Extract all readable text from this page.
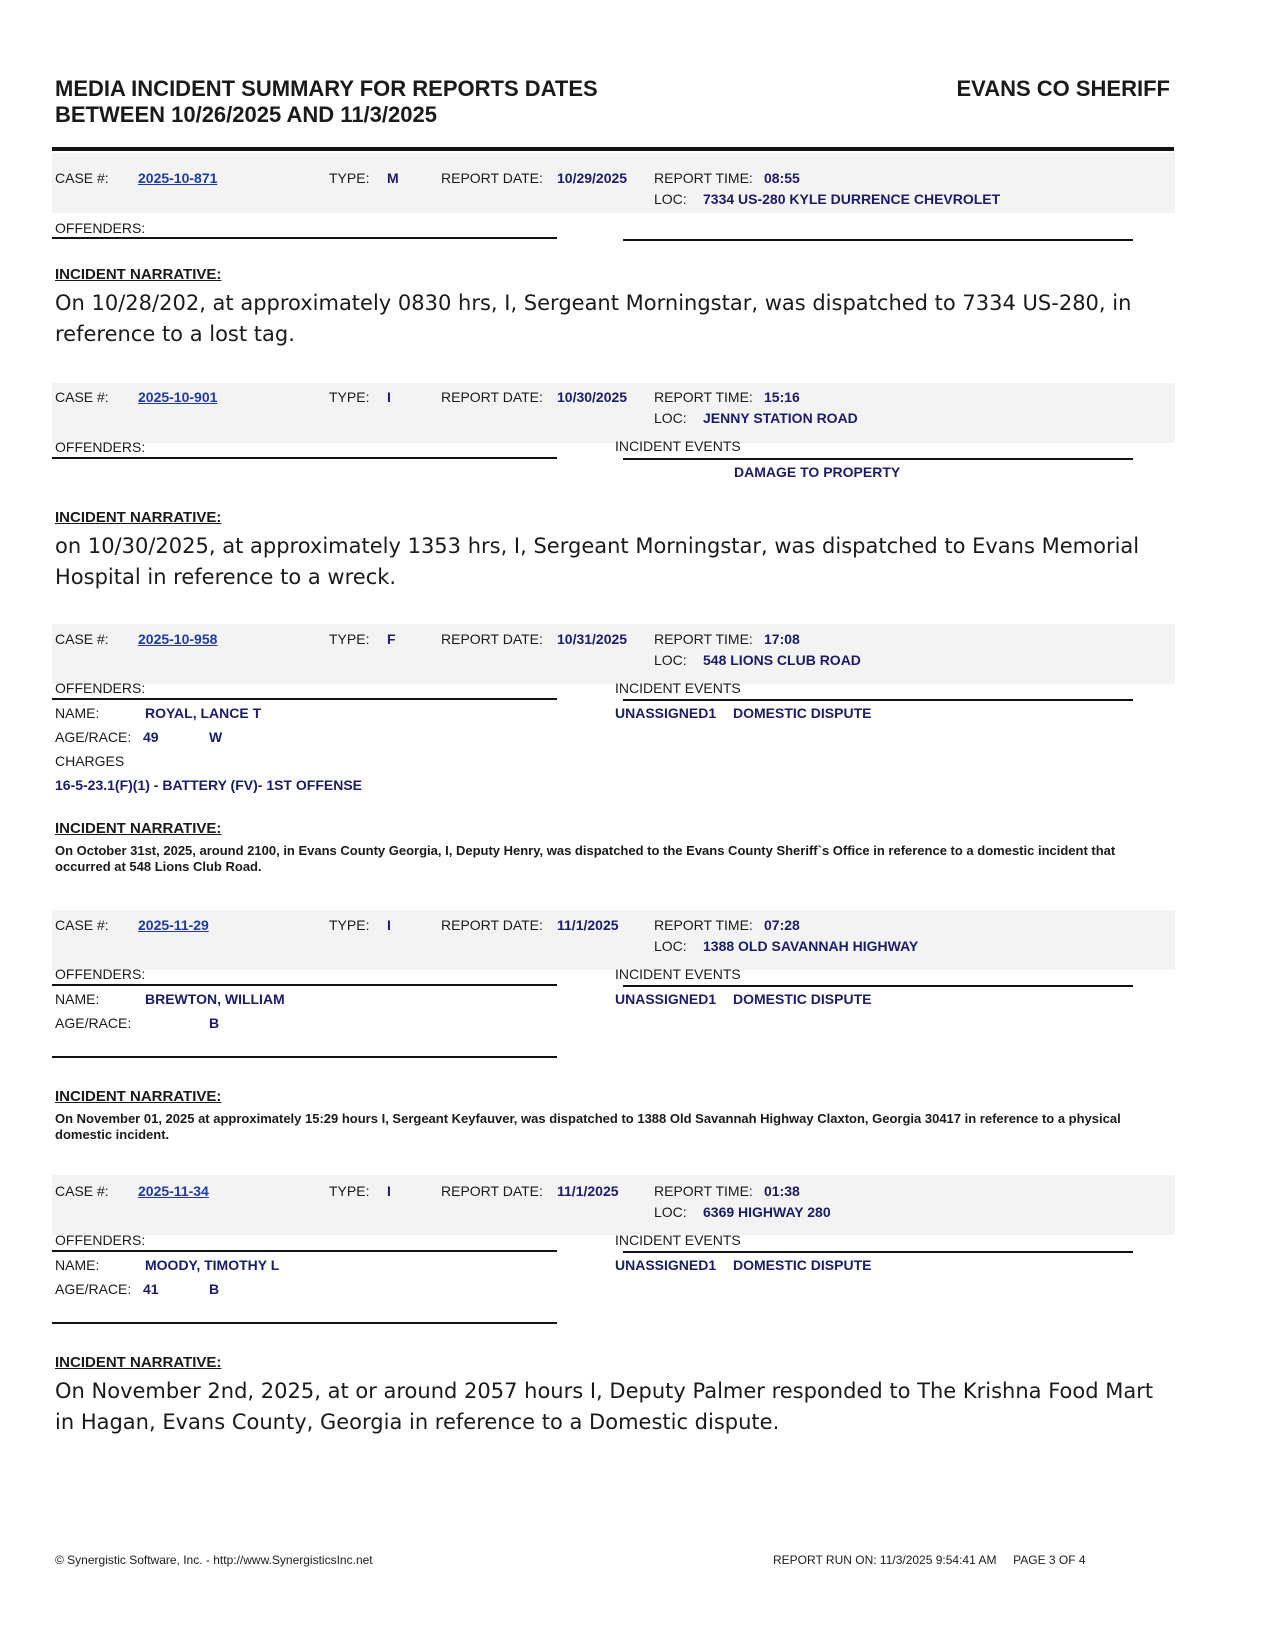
MEDIA INCIDENT SUMMARY FOR REPORTS DATES
BETWEEN 10/26/2025 AND 11/3/2025
EVANS CO SHERIFF
CASE #: 2025-10-871	TYPE: M	REPORT DATE: 10/29/2025 REPORT TIME: 08:55
LOC: 7334 US-280 KYLE DURRENCE CHEVROLET
OFFENDERS:
INCIDENT NARRATIVE:
On 10/28/202, at approximately 0830 hrs, I, Sergeant Morningstar, was dispatched to 7334 US-280, in reference to a lost tag.
CASE #: 2025-10-901	TYPE: I	REPORT DATE: 10/30/2025 REPORT TIME: 15:16
LOC: JENNY STATION ROAD
OFFENDERS:	INCIDENT EVENTS
DAMAGE TO PROPERTY
INCIDENT NARRATIVE:
on 10/30/2025, at approximately 1353 hrs, I, Sergeant Morningstar, was dispatched to Evans Memorial Hospital in reference to a wreck.
CASE #: 2025-10-958	TYPE: F	REPORT DATE: 10/31/2025 REPORT TIME: 17:08
LOC: 548 LIONS CLUB ROAD
OFFENDERS:	INCIDENT EVENTS
NAME:	ROYAL, LANCE T	UNASSIGNED1 DOMESTIC DISPUTE
AGE/RACE: 49	W
CHARGES
16-5-23.1(F)(1) - BATTERY (FV)- 1ST OFFENSE
INCIDENT NARRATIVE:
On October 31st, 2025, around 2100, in Evans County Georgia, I, Deputy Henry, was dispatched to the Evans County Sheriff`s Office in reference to a domestic incident that occurred at 548 Lions Club Road.
CASE #: 2025-11-29	TYPE: I	REPORT DATE: 11/1/2025	REPORT TIME: 07:28
LOC: 1388 OLD SAVANNAH HIGHWAY
OFFENDERS:	INCIDENT EVENTS
NAME:	BREWTON, WILLIAM	UNASSIGNED1 DOMESTIC DISPUTE
AGE/RACE:	B
INCIDENT NARRATIVE:
On November 01, 2025 at approximately 15:29 hours I, Sergeant Keyfauver, was dispatched to 1388 Old Savannah Highway Claxton, Georgia 30417 in reference to a physical domestic incident.
CASE #: 2025-11-34	TYPE: I	REPORT DATE: 11/1/2025	REPORT TIME: 01:38
LOC: 6369 HIGHWAY 280
OFFENDERS:	INCIDENT EVENTS
NAME:	MOODY, TIMOTHY L	UNASSIGNED1 DOMESTIC DISPUTE
AGE/RACE: 41	B
INCIDENT NARRATIVE:
On November 2nd, 2025, at or around 2057 hours I, Deputy Palmer responded to The Krishna Food Mart in Hagan, Evans County, Georgia in reference to a Domestic dispute.
© Synergistic Software, Inc. - http://www.SynergisticsInc.net	REPORT RUN ON: 11/3/2025 9:54:41 AM PAGE 3 OF 4
